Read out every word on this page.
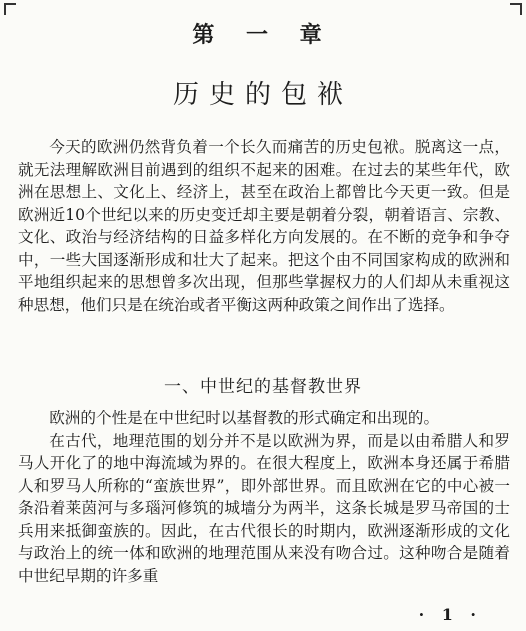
第 一 章
历史的包袱

今天的欧洲仍然背负着一个长久而痛苦的历史包袱。脱离这一点，就无法理解欧洲目前遇到的组织不起来的困难。在过去的某些年代，欧洲在思想上、文化上、经济上，甚至在政治上都曾比今天更一致。但是欧洲近10个世纪以来的历史变迁却主要是朝着分裂，朝着语言、宗教、文化、政治与经济结构的日益多样化方向发展的。在不断的竞争和争夺中，一些大国逐渐形成和壮大了起来。把这个由不同国家构成的欧洲和平地组织起来的思想曾多次出现，但那些掌握权力的人们却从未重视这种思想，他们只是在统治或者平衡这两种政策之间作出了选择。

一、中世纪的基督教世界

欧洲的个性是在中世纪时以基督教的形式确定和出现的。

在古代，地理范围的划分并不是以欧洲为界，而是以由希腊人和罗马人开化了的地中海流域为界的。在很大程度上，欧洲本身还属于希腊人和罗马人所称的“蛮族世界”，即外部世界。而且欧洲在它的中心被一条沿着莱茵河与多瑙河修筑的城墙分为两半，这条长城是罗马帝国的士兵用来抵御蛮族的。因此，在古代很长的时期内，欧洲逐渐形成的文化与政治上的统一体和欧洲的地理范围从来没有吻合过。这种吻合是随着中世纪早期的许多重

· 1 ·
